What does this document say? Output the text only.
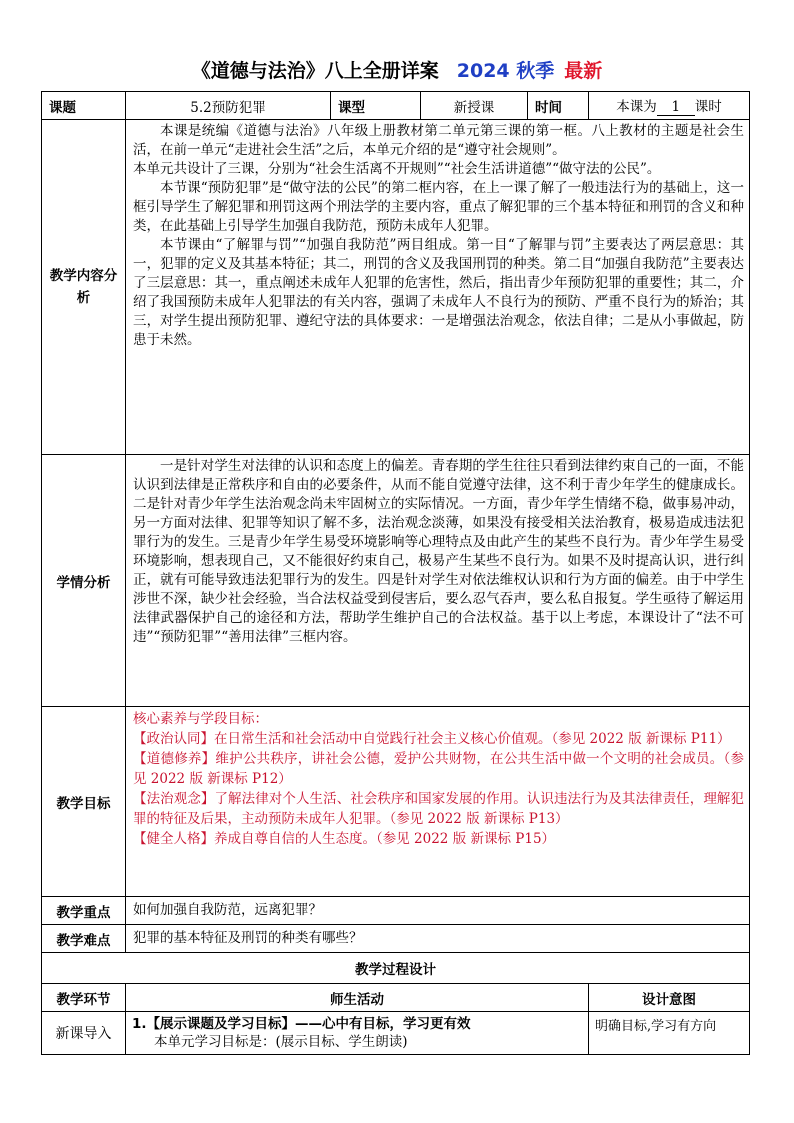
《道德与法治》八上全册详案 2024 秋季 最新
课题	5.2预防犯罪	课型	新授课	时间	本课为 1 课时
教学内容分析	本课是统编《道德与法治》八年级上册教材第二单元第三课的第一框。八上教材的主题是社会生活，在前一单元“走进社会生活”之后，本单元介绍的是“遵守社会规则”。

本单元共设计了三课，分别为“社会生活离不开规则”“社会生活讲道德”“做守法的公民”。

本节课“预防犯罪”是“做守法的公民”的第二框内容，在上一课了解了一般违法行为的基础上，这一框引导学生了解犯罪和刑罚这两个刑法学的主要内容，重点了解犯罪的三个基本特征和刑罚的含义和种类，在此基础上引导学生加强自我防范，预防未成年人犯罪。

本节课由“了解罪与罚”“加强自我防范”两目组成。第一目“了解罪与罚”主要表达了两层意思：其一，犯罪的定义及其基本特征；其二，刑罚的含义及我国刑罚的种类。第二目“加强自我防范”主要表达了三层意思：其一，重点阐述未成年人犯罪的危害性，然后，指出青少年预防犯罪的重要性；其二，介绍了我国预防未成年人犯罪法的有关内容，强调了未成年人不良行为的预防、严重不良行为的矫治；其三，对学生提出预防犯罪、遵纪守法的具体要求：一是增强法治观念，依法自律；二是从小事做起，防患于未然。				

学情分析	一是针对学生对法律的认识和态度上的偏差。青春期的学生往往只看到法律约束自己的一面，不能认识到法律是正常秩序和自由的必要条件，从而不能自觉遵守法律，这不利于青少年学生的健康成长。二是针对青少年学生法治观念尚未牢固树立的实际情况。一方面，青少年学生情绪不稳，做事易冲动，另一方面对法律、犯罪等知识了解不多，法治观念淡薄，如果没有接受相关法治教育，极易造成违法犯罪行为的发生。三是青少年学生易受环境影响等心理特点及由此产生的某些不良行为。青少年学生易受环境影响，想表现自己，又不能很好约束自己，极易产生某些不良行为。如果不及时提高认识，进行纠正，就有可能导致违法犯罪行为的发生。四是针对学生对依法维权认识和行为方面的偏差。由于中学生涉世不深，缺少社会经验，当合法权益受到侵害后，要么忍气吞声，要么私自报复。学生亟待了解运用法律武器保护自己的途径和方法，帮助学生维护自己的合法权益。基于以上考虑，本课设计了“法不可违”“预防犯罪”“善用法律”三框内容。				

教学目标	核心素养与学段目标：

【政治认同】在日常生活和社会活动中自觉践行社会主义核心价值观。（参见 2022 版 新课标 P11）

【道德修养】维护公共秩序，讲社会公德，爱护公共财物，在公共生活中做一个文明的社会成员。（参见 2022 版 新课标 P12）

【法治观念】了解法律对个人生活、社会秩序和国家发展的作用。认识违法行为及其法律责任，理解犯罪的特征及后果，主动预防未成年人犯罪。（参见 2022 版 新课标 P13）

【健全人格】养成自尊自信的人生态度。（参见 2022 版 新课标 P15）				

教学重点	如何加强自我防范，远离犯罪？				
教学难点	犯罪的基本特征及刑罚的种类有哪些？				
教学过程设计					
教学环节	师生活动				设计意图
新课导入	1.【展示课题及学习目标】——心中有目标，学习更有效
本单元学习目标是：(展示目标、学生朗读)				明确目标,学习有方向
